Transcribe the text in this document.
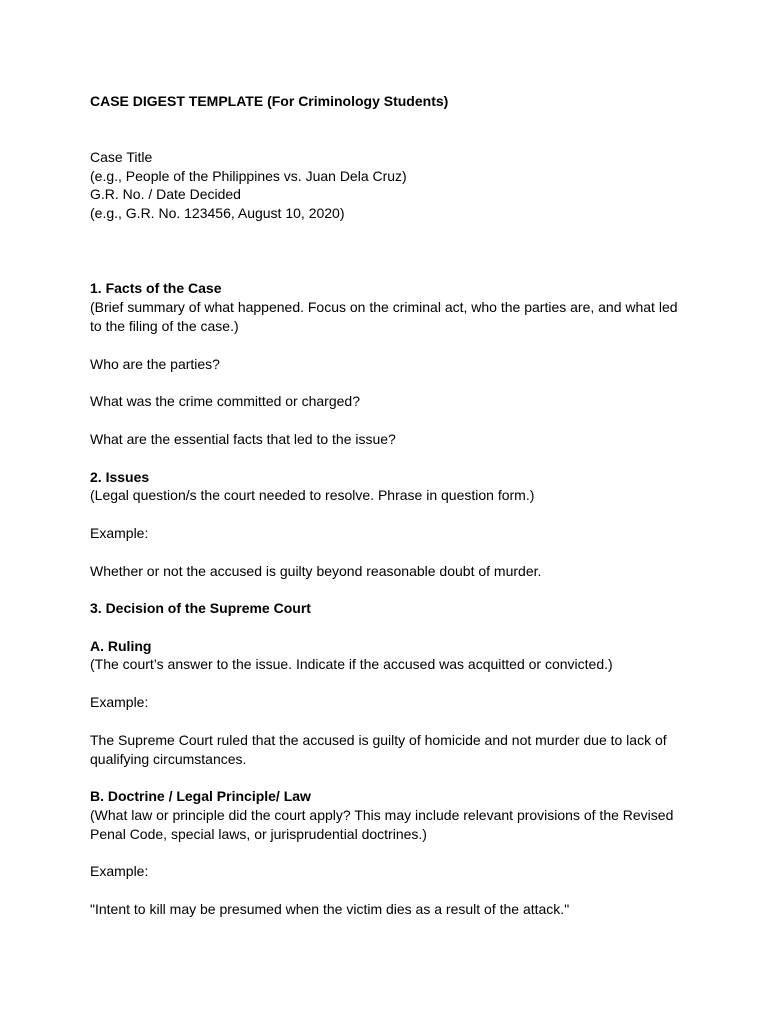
CASE DIGEST TEMPLATE (For Criminology Students)

Case Title

(e.g., People of the Philippines vs. Juan Dela Cruz)

G.R. No. / Date Decided

(e.g., G.R. No. 123456, August 10, 2020)

1. Facts of the Case

(Brief summary of what happened. Focus on the criminal act, who the parties are, and what led to the filing of the case.)

Who are the parties?

What was the crime committed or charged?

What are the essential facts that led to the issue?

2. Issues

(Legal question/s the court needed to resolve. Phrase in question form.)

Example:

Whether or not the accused is guilty beyond reasonable doubt of murder.

3. Decision of the Supreme Court

A. Ruling

(The court’s answer to the issue. Indicate if the accused was acquitted or convicted.)

Example:

The Supreme Court ruled that the accused is guilty of homicide and not murder due to lack of qualifying circumstances.

B. Doctrine / Legal Principle/ Law

(What law or principle did the court apply? This may include relevant provisions of the Revised Penal Code, special laws, or jurisprudential doctrines.)

Example:

"Intent to kill may be presumed when the victim dies as a result of the attack."
